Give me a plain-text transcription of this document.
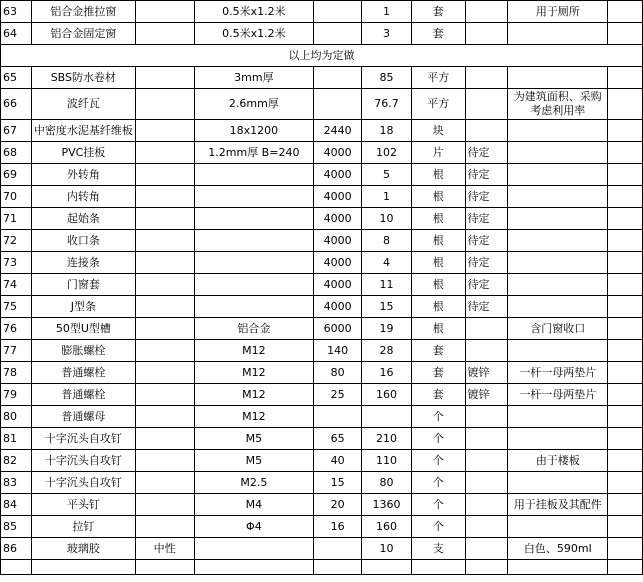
63	铝合金推拉窗		0.5米x1.2米		1	套		用于厕所	
64	铝合金固定窗		0.5米x1.2米		3	套			
以上均为定做									
65	SBS防水卷材		3mm厚		85	平方			
66	波纤瓦		2.6mm厚		76.7	平方		为建筑面积、采购考虑利用率	
67	中密度水泥基纤维板		18x1200	2440	18	块			
68	PVC挂板		1.2mm厚 B=240	4000	102	片	待定		
69	外转角			4000	5	根	待定		
70	内转角			4000	1	根	待定		
71	起始条			4000	10	根	待定		
72	收口条			4000	8	根	待定		
73	连接条			4000	4	根	待定		
74	门窗套			4000	11	根	待定		
75	J型条			4000	15	根	待定		
76	50型U型槽		铝合金	6000	19	根		含门窗收口	
77	膨胀螺栓		M12	140	28	套			
78	普通螺栓		M12	80	16	套	镀锌	一杆一母两垫片	
79	普通螺栓		M12	25	160	套	镀锌	一杆一母两垫片	
80	普通螺母		M12			个			
81	十字沉头自攻钉		M5	65	210	个			
82	十字沉头自攻钉		M5	40	110	个		由于楼板	
83	十字沉头自攻钉		M2.5	15	80	个			
84	平头钉		M4	20	1360	个		用于挂板及其配件	
85	拉钉		Φ4	16	160	个			
86	玻璃胶	中性			10	支		白色、590ml	
